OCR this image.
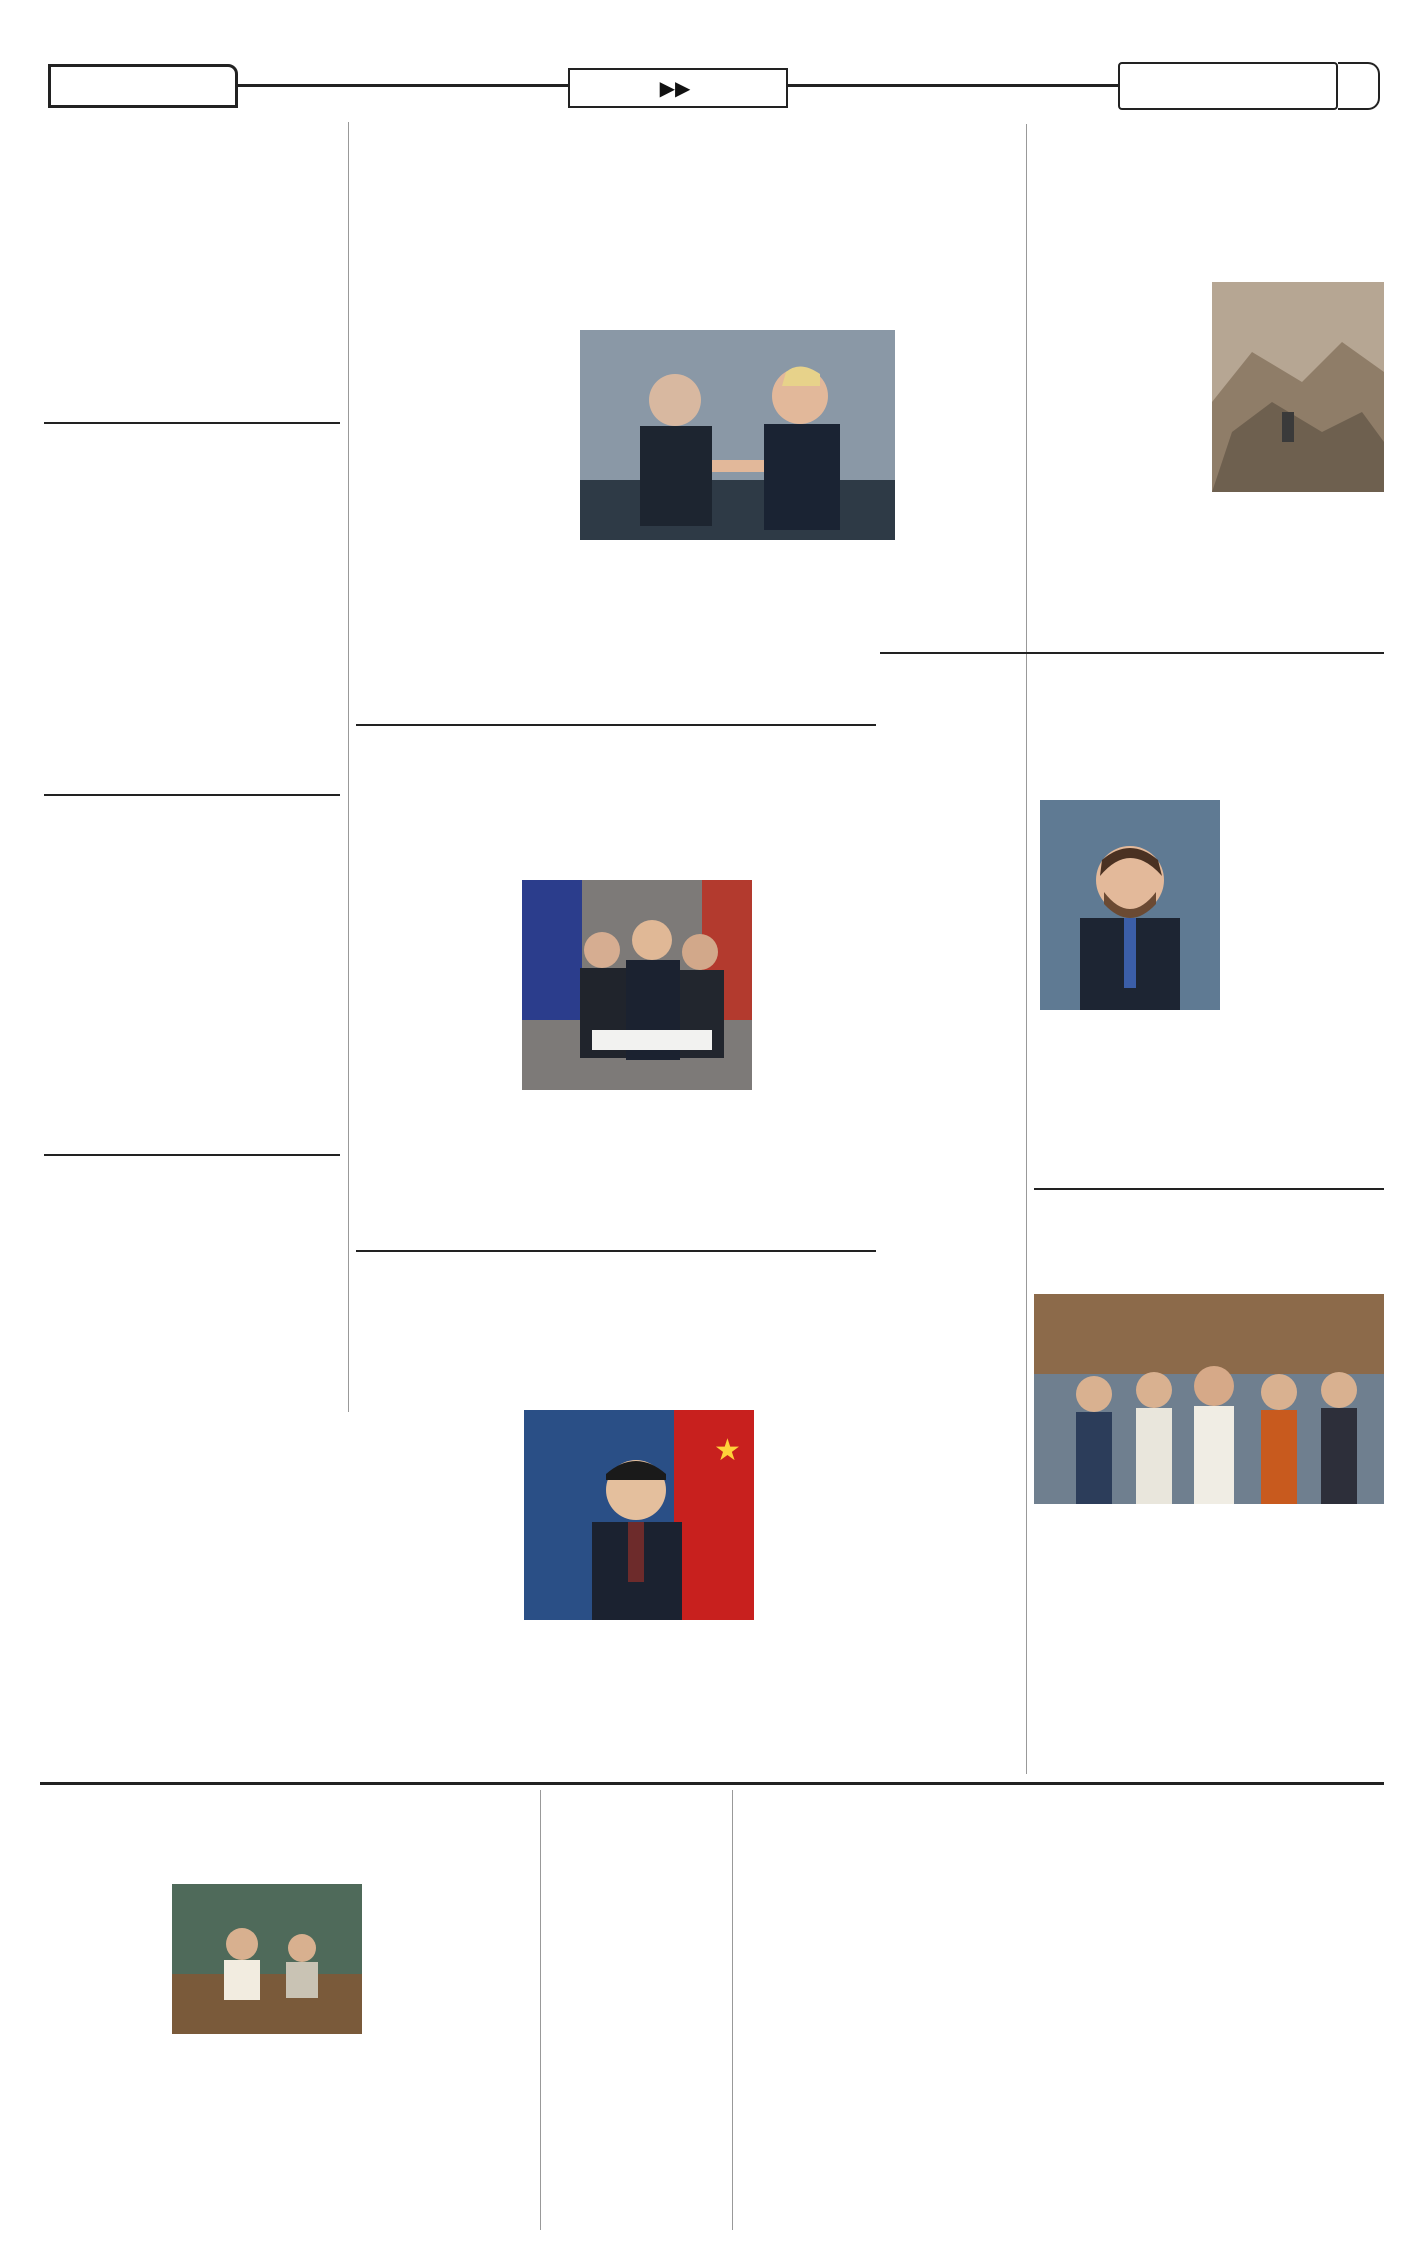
▶▶
★
